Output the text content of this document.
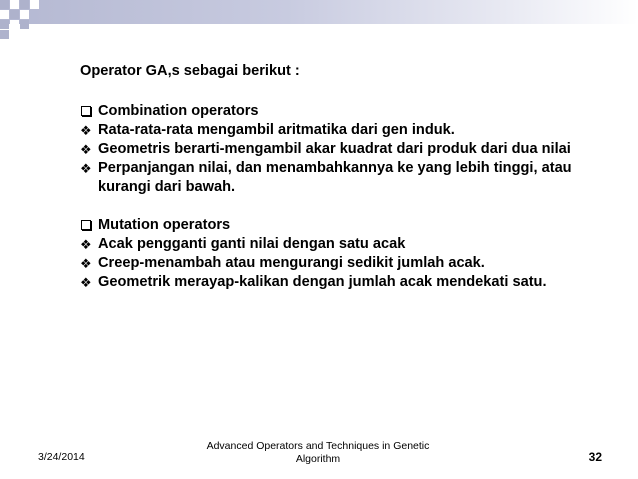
Operator GA,s sebagai berikut :
Combination operators
❖ Rata-rata-rata mengambil aritmatika dari gen induk.
❖ Geometris berarti-mengambil akar kuadrat dari produk dari dua nilai
❖ Perpanjangan nilai, dan menambahkannya ke yang lebih tinggi, atau kurangi dari bawah.
Mutation operators
❖ Acak pengganti ganti nilai dengan satu acak
❖ Creep-menambah atau mengurangi sedikit jumlah acak.
❖ Geometrik merayap-kalikan dengan jumlah acak mendekati satu.
3/24/2014
Advanced Operators and Techniques in Genetic Algorithm	32
